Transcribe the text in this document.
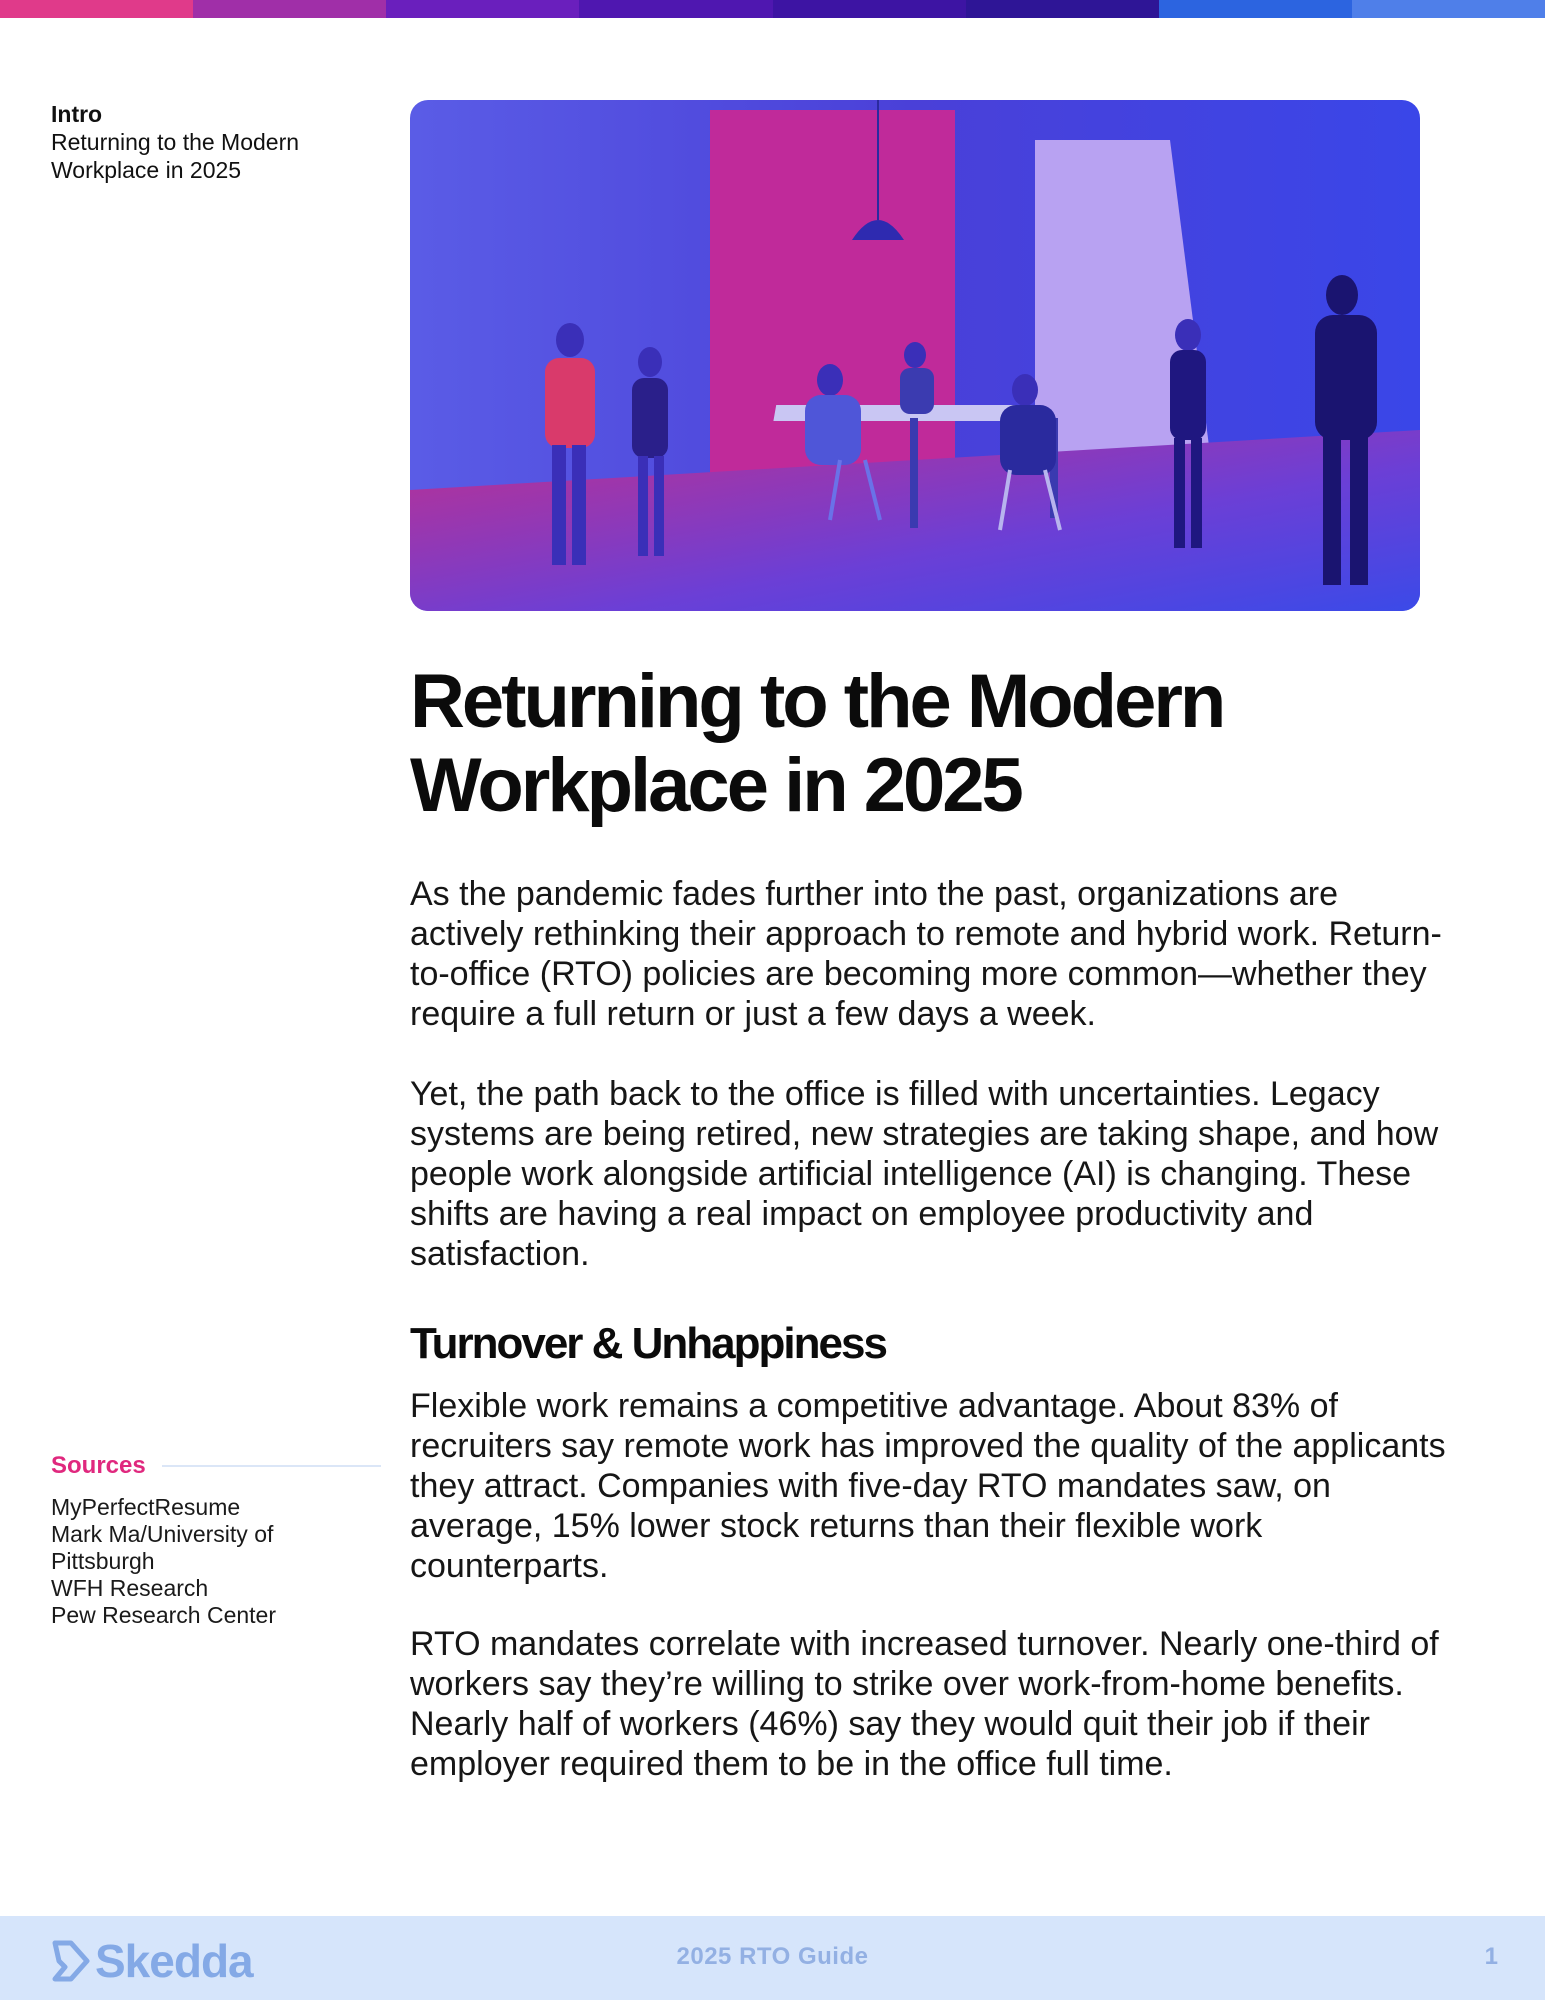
Intro
Returning to the Modern Workplace in 2025
Returning to the Modern Workplace in 2025

As the pandemic fades further into the past, organizations are actively rethinking their approach to remote and hybrid work. Return-to-office (RTO) policies are becoming more common—whether they require a full return or just a few days a week.

Yet, the path back to the office is filled with uncertainties. Legacy systems are being retired, new strategies are taking shape, and how people work alongside artificial intelligence (AI) is changing. These shifts are having a real impact on employee productivity and satisfaction.

Turnover & Unhappiness

Flexible work remains a competitive advantage. About 83% of recruiters say remote work has improved the quality of the applicants they attract. Companies with five-day RTO mandates saw, on average, 15% lower stock returns than their flexible work counterparts.

RTO mandates correlate with increased turnover. Nearly one-third of workers say they’re willing to strike over work-from-home benefits. Nearly half of workers (46%) say they would quit their job if their employer required them to be in the office full time.

Sources
MyPerfectResume
Mark Ma/University of Pittsburgh
WFH Research
Pew Research Center
Skedda	2025 RTO Guide	1
